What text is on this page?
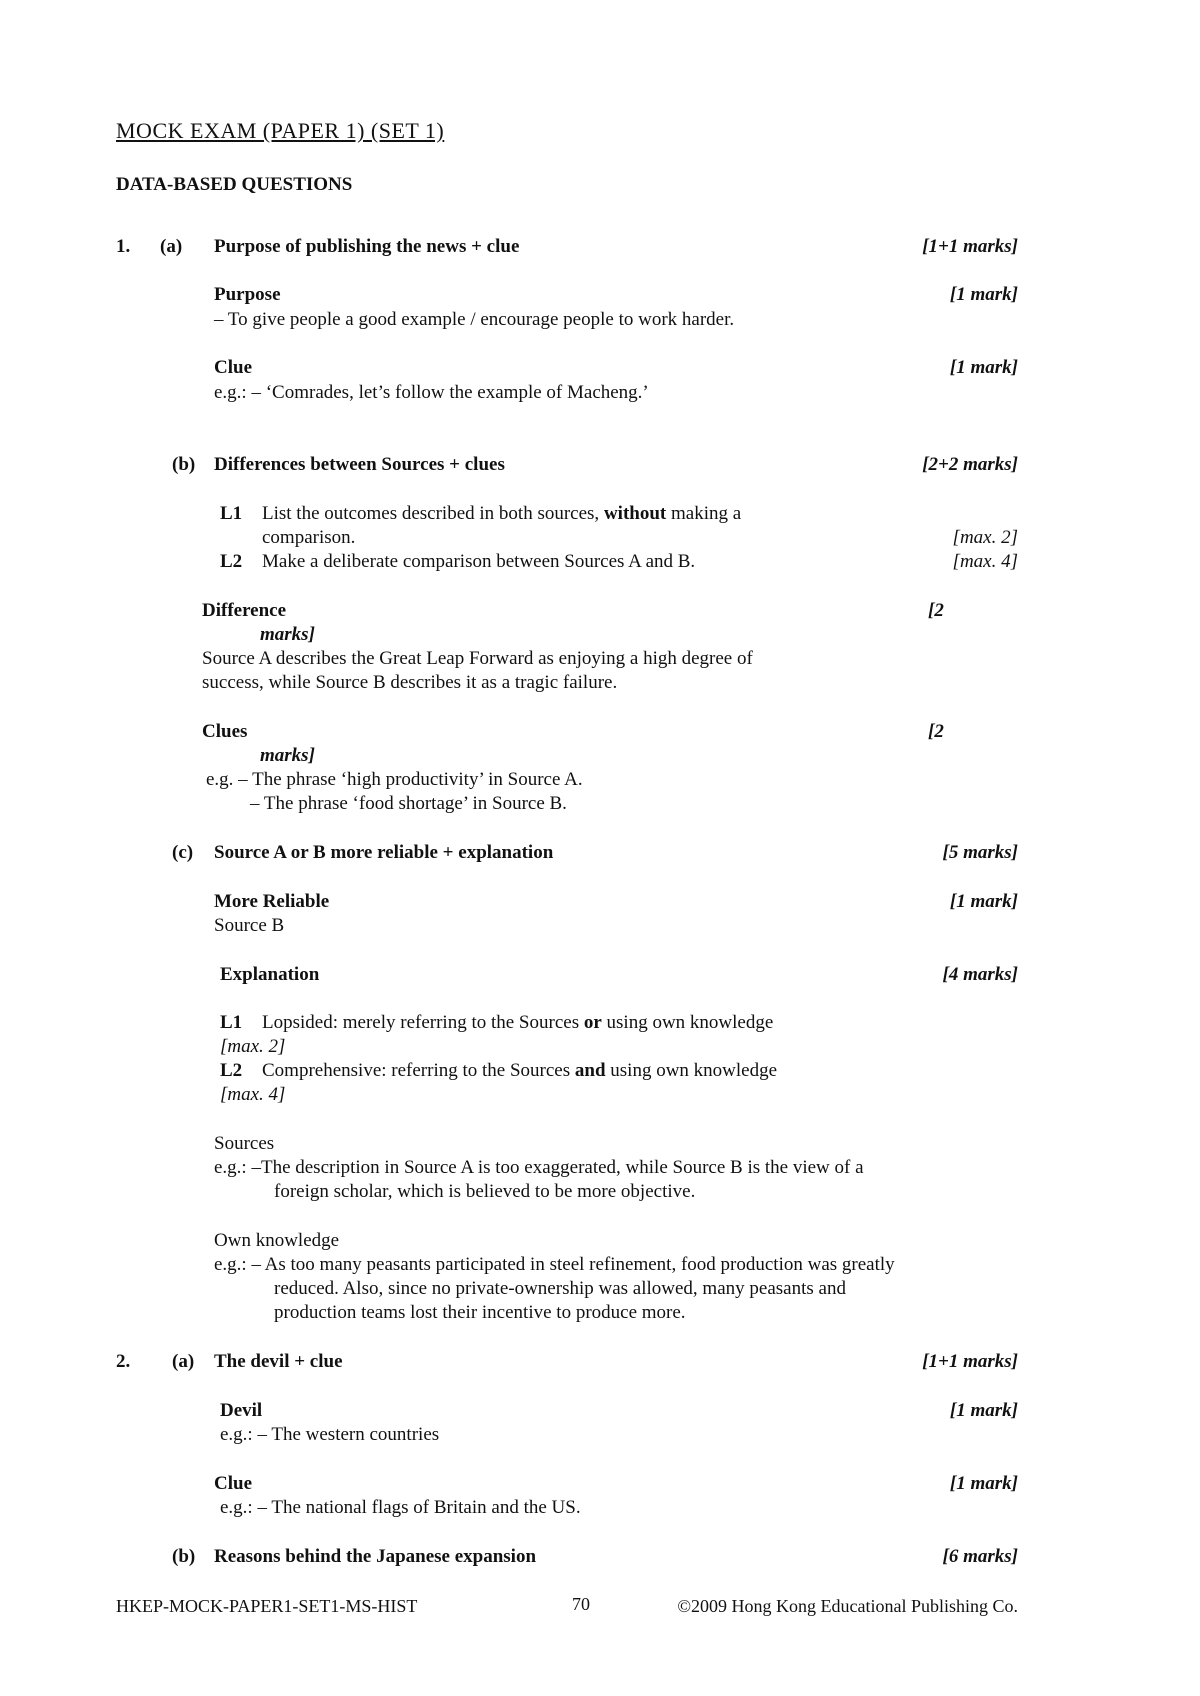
MOCK EXAM (PAPER 1) (SET 1)
DATA-BASED QUESTIONS
1. (a) Purpose of publishing the news + clue	[1+1 marks]
Purpose	[1 mark]
– To give people a good example / encourage people to work harder.
Clue	[1 mark]
e.g.: – ‘Comrades, let’s follow the example of Macheng.’
(b) Differences between Sources + clues	[2+2 marks]
L1 List the outcomes described in both sources, without making a
comparison.	[max. 2]
L2 Make a deliberate comparison between Sources A and B.	[max. 4]
Difference	[2
marks]
Source A describes the Great Leap Forward as enjoying a high degree of
success, while Source B describes it as a tragic failure.
Clues	[2
marks]
e.g. – The phrase ‘high productivity’ in Source A.
– The phrase ‘food shortage’ in Source B.
(c) Source A or B more reliable + explanation	[5 marks]
More Reliable	[1 mark]
Source B
Explanation	[4 marks]
L1 Lopsided: merely referring to the Sources or using own knowledge
[max. 2]
L2 Comprehensive: referring to the Sources and using own knowledge
[max. 4]
Sources
e.g.: –The description in Source A is too exaggerated, while Source B is the view of a
foreign scholar, which is believed to be more objective.
Own knowledge
e.g.: – As too many peasants participated in steel refinement, food production was greatly
reduced. Also, since no private-ownership was allowed, many peasants and
production teams lost their incentive to produce more.
2. (a) The devil + clue	[1+1 marks]
Devil	[1 mark]
e.g.: – The western countries
Clue	[1 mark]
e.g.: – The national flags of Britain and the US.
(b) Reasons behind the Japanese expansion	[6 marks]
HKEP-MOCK-PAPER1-SET1-MS-HIST	70	©2009 Hong Kong Educational Publishing Co.
